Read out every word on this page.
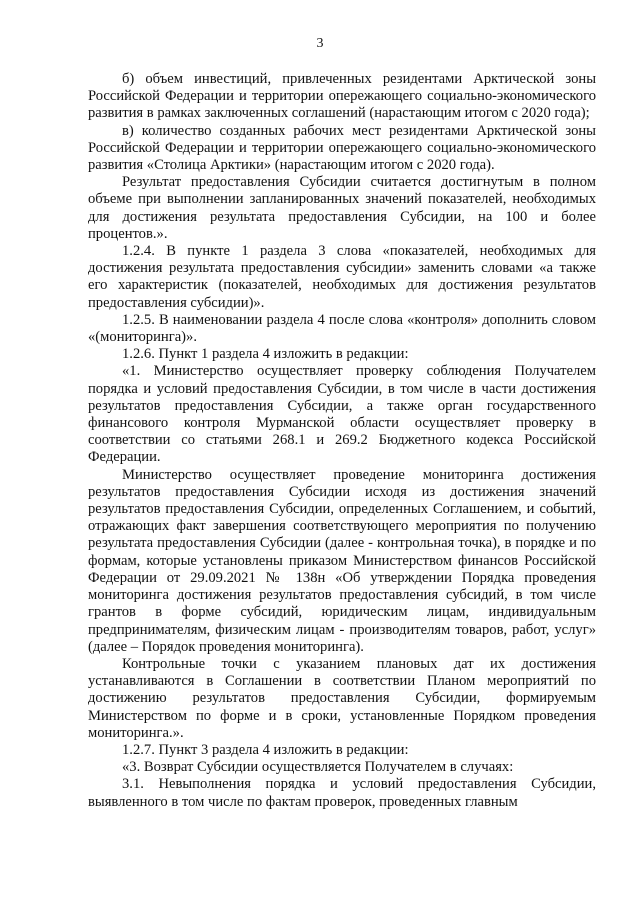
3

б) объем инвестиций, привлеченных резидентами Арктической зоны Российской Федерации и территории опережающего социально-экономического развития в рамках заключенных соглашений (нарастающим итогом с 2020 года);

в) количество созданных рабочих мест резидентами Арктической зоны Российской Федерации и территории опережающего социально-экономического развития «Столица Арктики» (нарастающим итогом с 2020 года).

Результат предоставления Субсидии считается достигнутым в полном объеме при выполнении запланированных значений показателей, необходимых для достижения результата предоставления Субсидии, на 100 и более процентов.».

1.2.4. В пункте 1 раздела 3 слова «показателей, необходимых для достижения результата предоставления субсидии» заменить словами «а также его характеристик (показателей, необходимых для достижения результатов предоставления субсидии)».

1.2.5. В наименовании раздела 4 после слова «контроля» дополнить словом «(мониторинга)».

1.2.6. Пункт 1 раздела 4 изложить в редакции:

«1. Министерство осуществляет проверку соблюдения Получателем порядка и условий предоставления Субсидии, в том числе в части достижения результатов предоставления Субсидии, а также орган государственного финансового контроля Мурманской области осуществляет проверку в соответствии со статьями 268.1 и 269.2 Бюджетного кодекса Российской Федерации.

Министерство осуществляет проведение мониторинга достижения результатов предоставления Субсидии исходя из достижения значений результатов предоставления Субсидии, определенных Соглашением, и событий, отражающих факт завершения соответствующего мероприятия по получению результата предоставления Субсидии (далее - контрольная точка), в порядке и по формам, которые установлены приказом Министерством финансов Российской Федерации от 29.09.2021 № 138н «Об утверждении Порядка проведения мониторинга достижения результатов предоставления субсидий, в том числе грантов в форме субсидий, юридическим лицам, индивидуальным предпринимателям, физическим лицам - производителям товаров, работ, услуг» (далее – Порядок проведения мониторинга).

Контрольные точки с указанием плановых дат их достижения устанавливаются в Соглашении в соответствии Планом мероприятий по достижению результатов предоставления Субсидии, формируемым Министерством по форме и в сроки, установленные Порядком проведения мониторинга.».

1.2.7. Пункт 3 раздела 4 изложить в редакции:

«3. Возврат Субсидии осуществляется Получателем в случаях:

3.1. Невыполнения порядка и условий предоставления Субсидии, выявленного в том числе по фактам проверок, проведенных главным
